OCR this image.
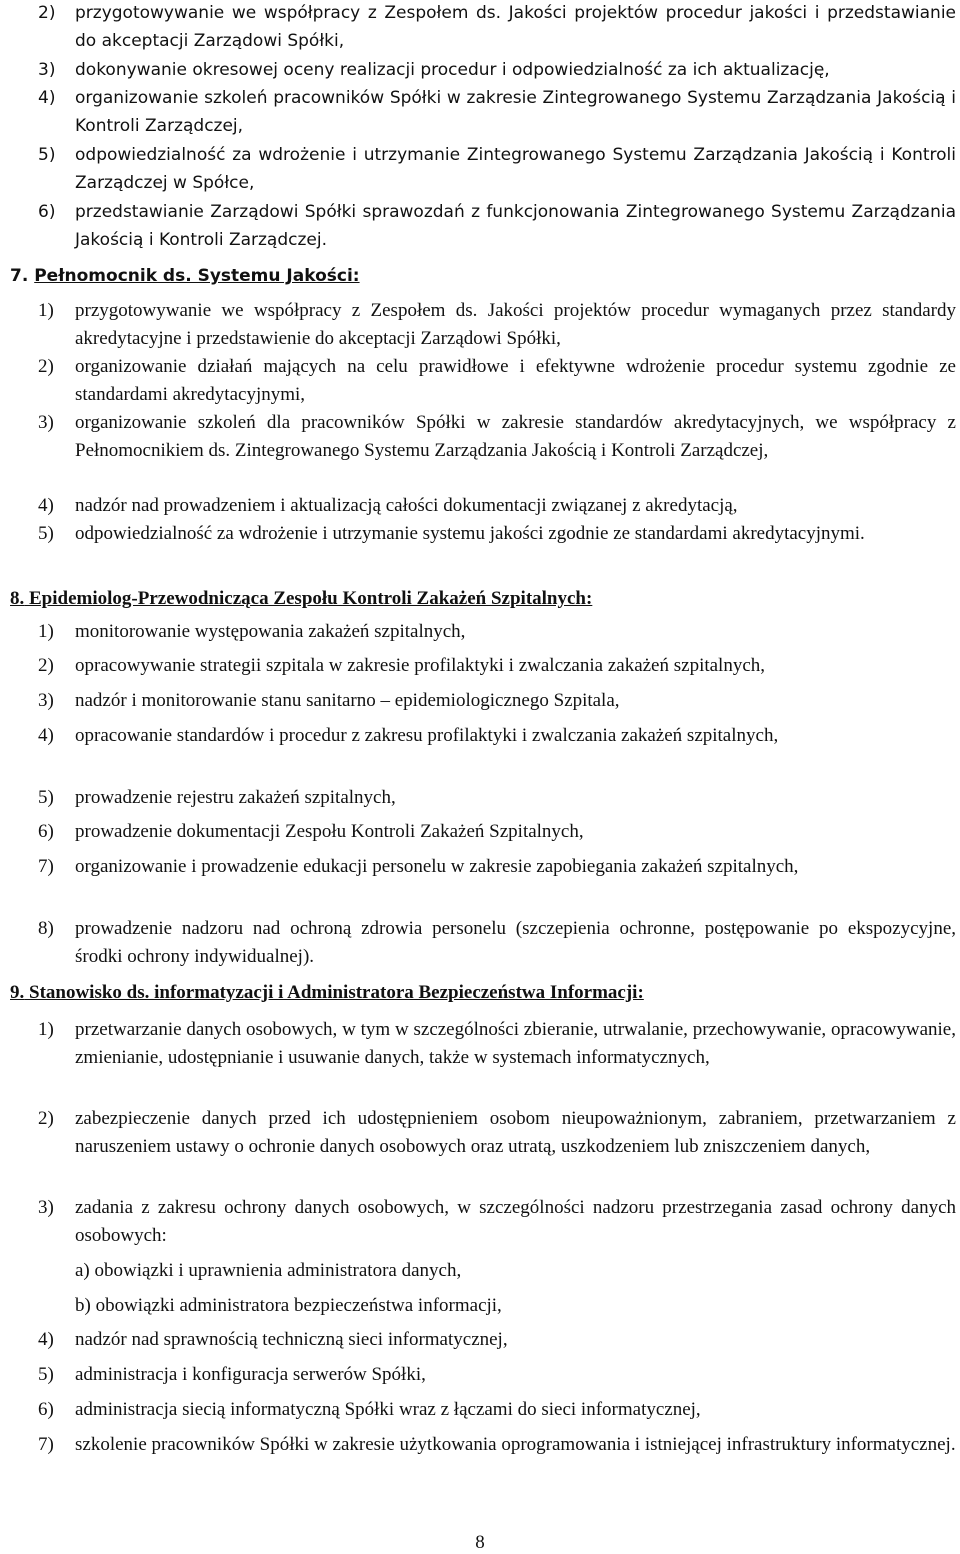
2) przygotowywanie we współpracy z Zespołem ds. Jakości projektów procedur jakości i przedstawianie do akceptacji Zarządowi Spółki,
3) dokonywanie okresowej oceny realizacji procedur i odpowiedzialność za ich aktualizację,
4) organizowanie szkoleń pracowników Spółki w zakresie Zintegrowanego Systemu Zarządzania Jakością i Kontroli Zarządczej,
5) odpowiedzialność za wdrożenie i utrzymanie Zintegrowanego Systemu Zarządzania Jakością i Kontroli Zarządczej w Spółce,
6) przedstawianie Zarządowi Spółki sprawozdań z funkcjonowania Zintegrowanego Systemu Zarządzania Jakością i Kontroli Zarządczej.
7. Pełnomocnik ds. Systemu Jakości:
1) przygotowywanie we współpracy z Zespołem ds. Jakości projektów procedur wymaganych przez standardy akredytacyjne i przedstawienie do akceptacji Zarządowi Spółki,
2) organizowanie działań mających na celu prawidłowe i efektywne wdrożenie procedur systemu zgodnie ze standardami akredytacyjnymi,
3) organizowanie szkoleń dla pracowników Spółki w zakresie standardów akredytacyjnych, we współpracy z Pełnomocnikiem ds. Zintegrowanego Systemu Zarządzania Jakością i Kontroli Zarządczej,
4) nadzór nad prowadzeniem i aktualizacją całości dokumentacji związanej z akredytacją,
5) odpowiedzialność za wdrożenie i utrzymanie systemu jakości zgodnie ze standardami akredytacyjnymi.
8. Epidemiolog-Przewodnicząca Zespołu Kontroli Zakażeń Szpitalnych:
1) monitorowanie występowania zakażeń szpitalnych,
2) opracowywanie strategii szpitala w zakresie profilaktyki i zwalczania zakażeń szpitalnych,
3) nadzór i monitorowanie stanu sanitarno – epidemiologicznego Szpitala,
4) opracowanie standardów i procedur z zakresu profilaktyki i zwalczania zakażeń szpitalnych,
5) prowadzenie rejestru zakażeń szpitalnych,
6) prowadzenie dokumentacji Zespołu Kontroli Zakażeń Szpitalnych,
7) organizowanie i prowadzenie edukacji personelu w zakresie zapobiegania zakażeń szpitalnych,
8) prowadzenie nadzoru nad ochroną zdrowia personelu (szczepienia ochronne, postępowanie po ekspozycyjne, środki ochrony indywidualnej).
9. Stanowisko ds. informatyzacji i Administratora Bezpieczeństwa Informacji:
1) przetwarzanie danych osobowych, w tym w szczególności zbieranie, utrwalanie, przechowywanie, opracowywanie, zmienianie, udostępnianie i usuwanie danych, także w systemach informatycznych,
2) zabezpieczenie danych przed ich udostępnieniem osobom nieupoważnionym, zabraniem, przetwarzaniem z naruszeniem ustawy o ochronie danych osobowych oraz utratą, uszkodzeniem lub zniszczeniem danych,
3) zadania z zakresu ochrony danych osobowych, w szczególności nadzoru przestrzegania zasad ochrony danych osobowych:
a) obowiązki i uprawnienia administratora danych,
b) obowiązki administratora bezpieczeństwa informacji,
4) nadzór nad sprawnością techniczną sieci informatycznej,
5) administracja i konfiguracja serwerów Spółki,
6) administracja siecią informatyczną Spółki wraz z łączami do sieci informatycznej,
7) szkolenie pracowników Spółki w zakresie użytkowania oprogramowania i istniejącej infrastruktury informatycznej.
8
